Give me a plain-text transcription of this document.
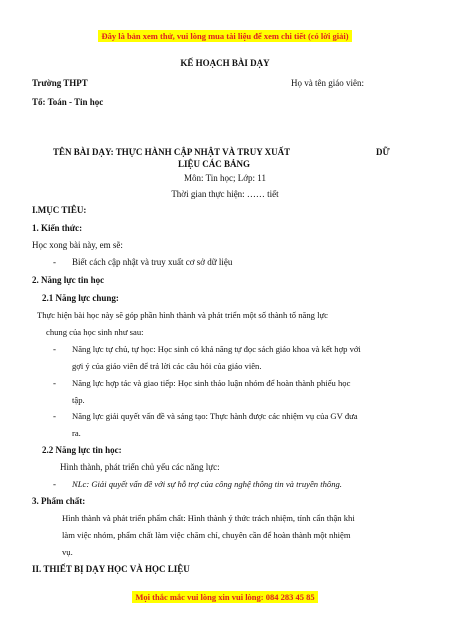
Đây là bản xem thử, vui lòng mua tài liệu để xem chi tiết (có lời giải)
KẾ HOẠCH BÀI DẠY
Trường THPT	Họ và tên giáo viên:
Tổ: Toán - Tin học
TÊN BÀI DẠY: THỰC HÀNH CẬP NHẬT VÀ TRUY XUẤT	DỮ
LIỆU CÁC BẢNG
Môn: Tin học; Lớp: 11
Thời gian thực hiện: …… tiết
I.MỤC TIÊU:
1. Kiến thức:
Học xong bài này, em sẽ:
- Biết cách cập nhật và truy xuất cơ sở dữ liệu
2. Năng lực tin học
2.1 Năng lực chung:
Thực hiện bài học này sẽ góp phần hình thành và phát triển một số thành tố năng lực
chung của học sinh như sau:
- Năng lực tự chủ, tự học: Học sinh có khả năng tự đọc sách giáo khoa và kết hợp với
gợi ý của giáo viên để trả lời các câu hỏi của giáo viên.
- Năng lực hợp tác và giao tiếp: Học sinh thảo luận nhóm để hoàn thành phiếu học
tập.
- Năng lực giải quyết vấn đề và sáng tạo: Thực hành được các nhiệm vụ của GV đưa
ra.
2.2 Năng lực tin học:
Hình thành, phát triển chủ yếu các năng lực:
- NLc: Giải quyết vấn đề với sự hỗ trợ của công nghệ thông tin và truyền thông.
3. Phẩm chất:
Hình thành và phát triển phẩm chất: Hình thành ý thức trách nhiệm, tính cẩn thận khi
làm việc nhóm, phẩm chất làm việc chăm chỉ, chuyên cần để hoàn thành một nhiệm
vụ.
II. THIẾT BỊ DẠY HỌC VÀ HỌC LIỆU
Mọi thắc mắc vui lòng xin vui lòng: 084 283 45 85
